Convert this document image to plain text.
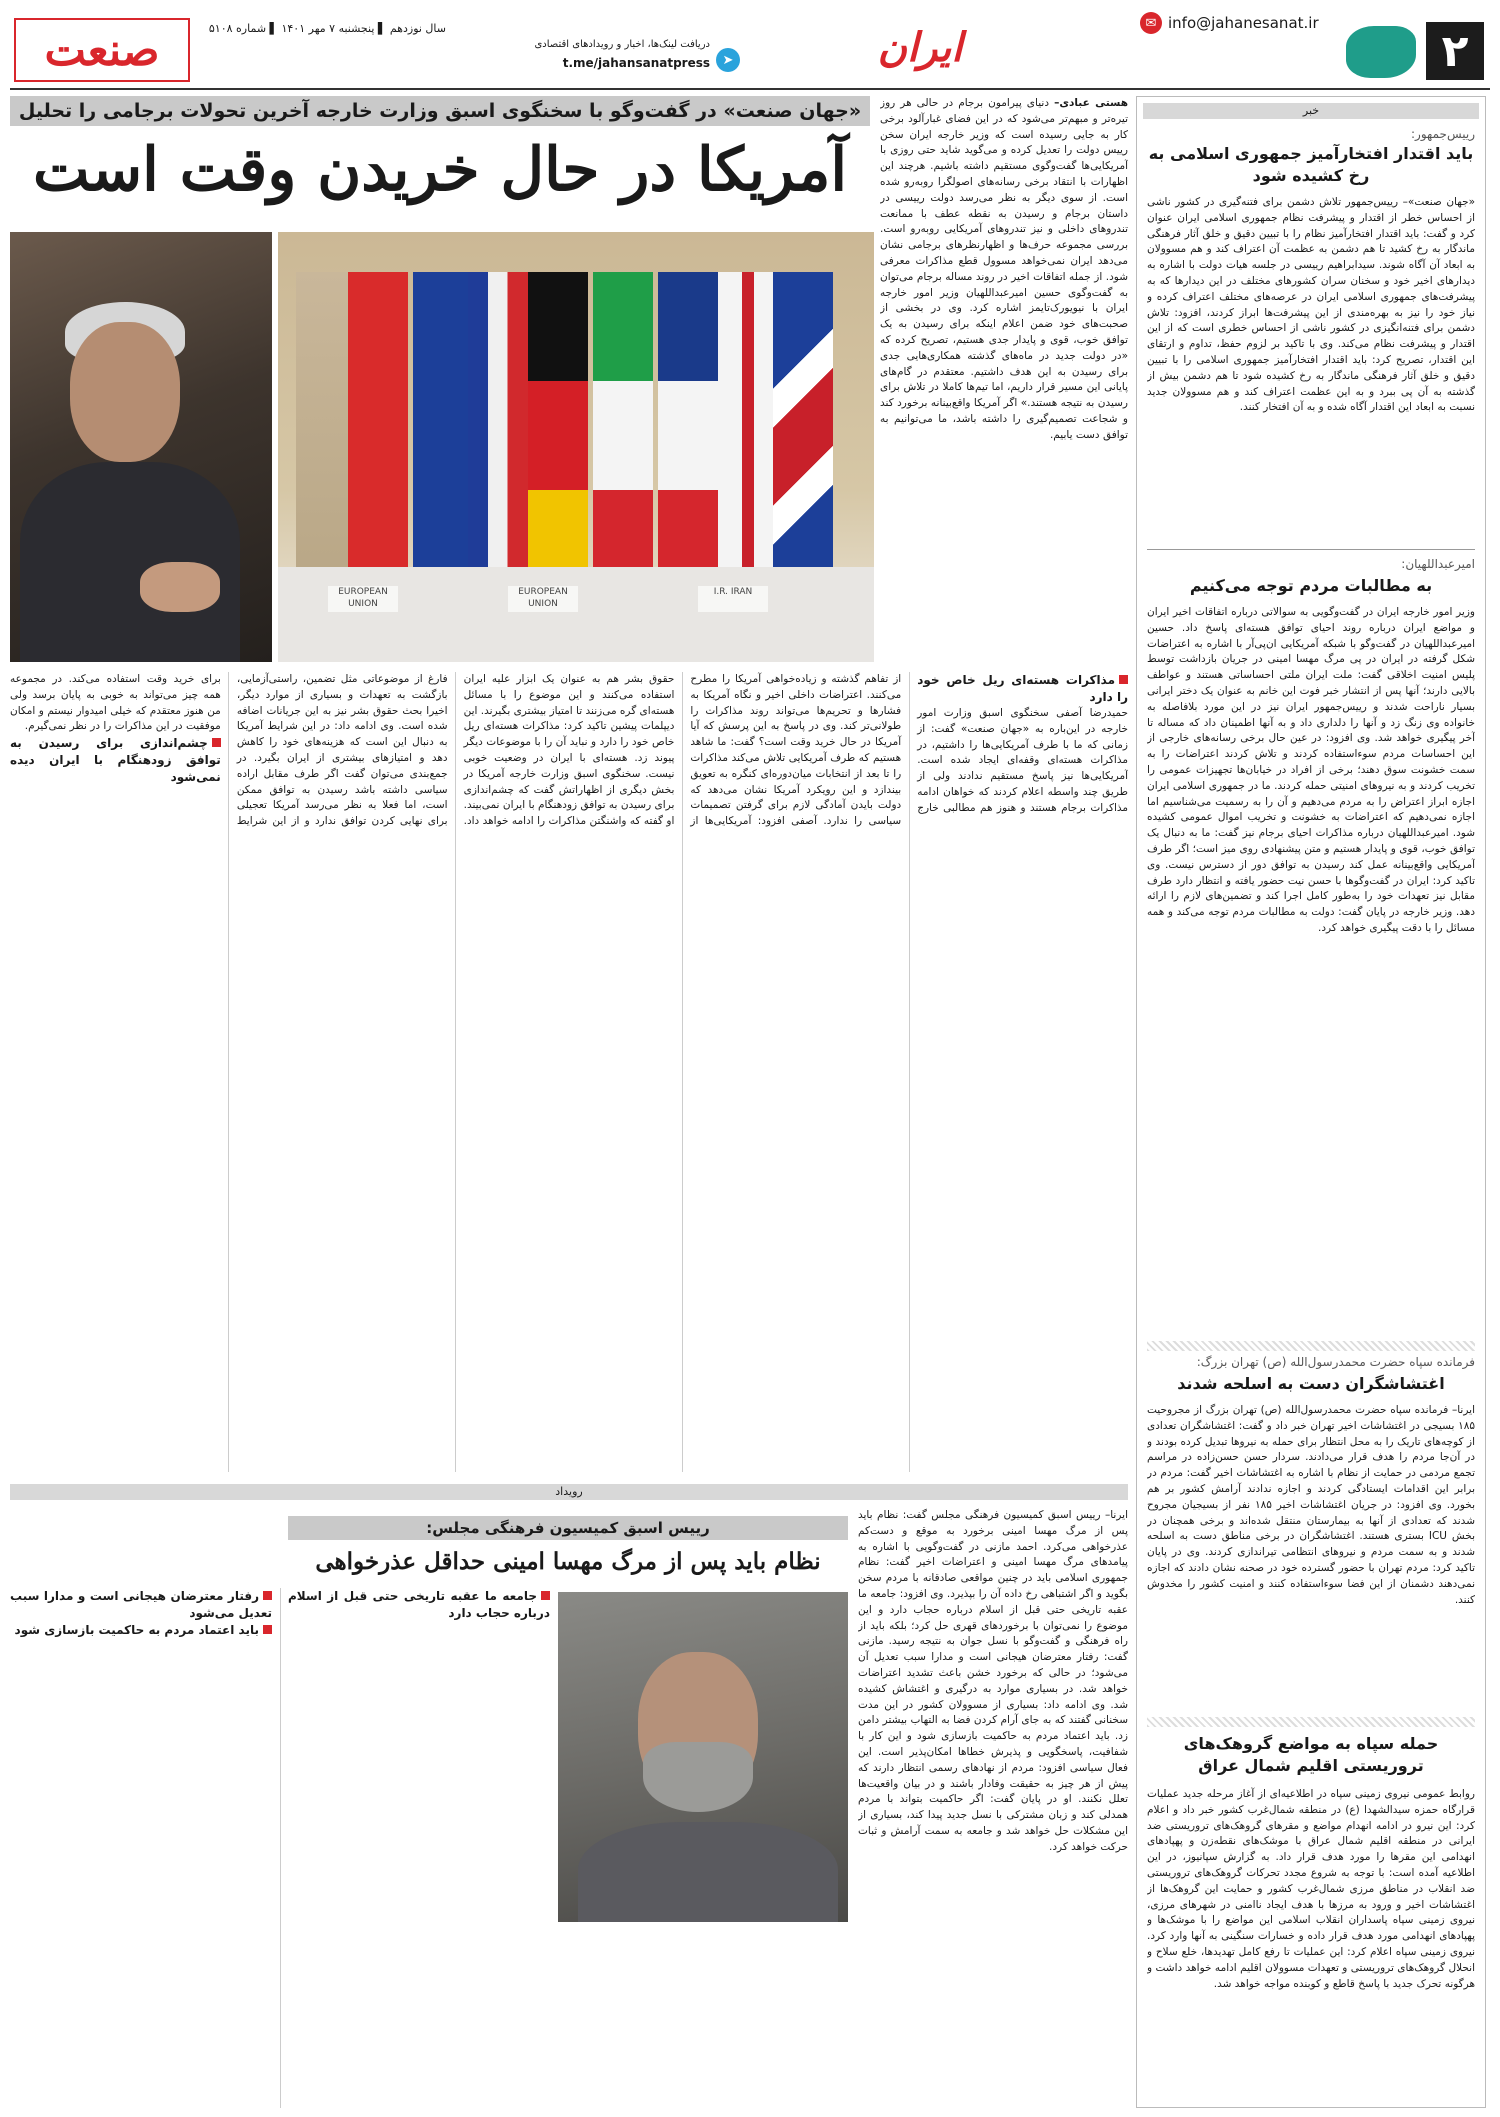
۲
✉ info@jahanesanat.ir
ایران
➤
دریافت لینک‌ها، اخبار و رویدادهای اقتصادی
t.me/jahansanatpress
سال نوزدهم ▌ پنجشنبه ۷ مهر ۱۴۰۱ ▌ شماره ۵۱۰۸
صنعت
خبر
رییس‌جمهور:
باید اقتدار افتخارآمیز جمهوری اسلامی به رخ کشیده شود
«جهان صنعت»– رییس‌جمهور تلاش دشمن برای فتنه‌گیری در کشور ناشی از احساس خطر از اقتدار و پیشرفت نظام جمهوری اسلامی ایران عنوان کرد و گفت: باید اقتدار افتخارآمیز نظام را با تبیین دقیق و خلق آثار فرهنگی ماندگار به رخ کشید تا هم دشمن به عظمت آن اعتراف کند و هم مسوولان به ابعاد آن آگاه شوند. سیدابراهیم رییسی در جلسه هیات دولت با اشاره به دیدارهای اخیر خود و سخنان سران کشورهای مختلف در این دیدارها که به پیشرفت‌های جمهوری اسلامی ایران در عرصه‌های مختلف اعتراف کرده و نیاز خود را نیز به بهره‌مندی از این پیشرفت‌ها ابراز کردند، افزود: تلاش دشمن برای فتنه‌انگیزی در کشور ناشی از احساس خطری است که از این اقتدار و پیشرفت نظام می‌کند. وی با تاکید بر لزوم حفظ، تداوم و ارتقای این اقتدار، تصریح کرد: باید اقتدار افتخارآمیز جمهوری اسلامی را با تبیین دقیق و خلق آثار فرهنگی ماندگار به رخ کشیده شود تا هم دشمن بیش از گذشته به آن پی ببرد و به این عظمت اعتراف کند و هم مسوولان جدید نسبت به ابعاد این اقتدار آگاه شده و به آن افتخار کنند.
امیرعبداللهیان:
به مطالبات مردم توجه می‌کنیم
وزیر امور خارجه ایران در گفت‌وگویی به سوالاتی درباره اتفاقات اخیر ایران و مواضع ایران درباره روند احیای توافق هسته‌ای پاسخ داد. حسین امیرعبداللهیان در گفت‌وگو با شبکه آمریکایی ان‌پی‌آر با اشاره به اعتراضات شکل گرفته در ایران در پی مرگ مهسا امینی در جریان بازداشت توسط پلیس امنیت اخلاقی گفت: ملت ایران ملتی احساساتی هستند و عواطف بالایی دارند؛ آنها پس از انتشار خبر فوت این خانم به عنوان یک دختر ایرانی بسیار ناراحت شدند و رییس‌جمهور ایران نیز در این مورد بلافاصله به خانواده وی زنگ زد و آنها را دلداری داد و به آنها اطمینان داد که مساله تا آخر پیگیری خواهد شد. وی افزود: در عین حال برخی رسانه‌های خارجی از این احساسات مردم سوءاستفاده کردند و تلاش کردند اعتراضات را به سمت خشونت سوق دهند؛ برخی از افراد در خیابان‌ها تجهیزات عمومی را تخریب کردند و به نیروهای امنیتی حمله کردند. ما در جمهوری اسلامی ایران اجازه ابراز اعتراض را به مردم می‌دهیم و آن را به رسمیت می‌شناسیم اما اجازه نمی‌دهیم که اعتراضات به خشونت و تخریب اموال عمومی کشیده شود. امیرعبداللهیان درباره مذاکرات احیای برجام نیز گفت: ما به دنبال یک توافق خوب، قوی و پایدار هستیم و متن پیشنهادی روی میز است؛ اگر طرف آمریکایی واقع‌بینانه عمل کند رسیدن به توافق دور از دسترس نیست. وی تاکید کرد: ایران در گفت‌وگوها با حسن نیت حضور یافته و انتظار دارد طرف مقابل نیز تعهدات خود را به‌طور کامل اجرا کند و تضمین‌های لازم را ارائه دهد. وزیر خارجه در پایان گفت: دولت به مطالبات مردم توجه می‌کند و همه مسائل را با دقت پیگیری خواهد کرد.
فرمانده سپاه حضرت محمدرسول‌الله (ص) تهران بزرگ:
اغتشاشگران دست به اسلحه شدند
ایرنا– فرمانده سپاه حضرت محمدرسول‌الله (ص) تهران بزرگ از مجروحیت ۱۸۵ بسیجی در اغتشاشات اخیر تهران خبر داد و گفت: اغتشاشگران تعدادی از کوچه‌های تاریک را به محل انتظار برای حمله به نیروها تبدیل کرده بودند و در آن‌جا مردم را هدف قرار می‌دادند. سردار حسن حسن‌زاده در مراسم تجمع مردمی در حمایت از نظام با اشاره به اغتشاشات اخیر گفت: مردم در برابر این اقدامات ایستادگی کردند و اجازه ندادند آرامش کشور بر هم بخورد. وی افزود: در جریان اغتشاشات اخیر ۱۸۵ نفر از بسیجیان مجروح شدند که تعدادی از آنها به بیمارستان منتقل شده‌اند و برخی همچنان در بخش ICU بستری هستند. اغتشاشگران در برخی مناطق دست به اسلحه شدند و به سمت مردم و نیروهای انتظامی تیراندازی کردند. وی در پایان تاکید کرد: مردم تهران با حضور گسترده خود در صحنه نشان دادند که اجازه نمی‌دهند دشمنان از این فضا سوءاستفاده کنند و امنیت کشور را مخدوش کنند.
حمله سپاه به مواضع گروهک‌های تروریستی اقلیم شمال عراق
روابط عمومی نیروی زمینی سپاه در اطلاعیه‌ای از آغاز مرحله جدید عملیات قرارگاه حمزه سیدالشهدا (ع) در منطقه شمال‌غرب کشور خبر داد و اعلام کرد: این نیرو در ادامه انهدام مواضع و مقرهای گروهک‌های تروریستی ضد ایرانی در منطقه اقلیم شمال عراق با موشک‌های نقطه‌زن و پهپادهای انهدامی این مقرها را مورد هدف قرار داد. به گزارش سپانیوز، در این اطلاعیه آمده است: با توجه به شروع مجدد تحرکات گروهک‌های تروریستی ضد انقلاب در مناطق مرزی شمال‌غرب کشور و حمایت این گروهک‌ها از اغتشاشات اخیر و ورود به مرزها با هدف ایجاد ناامنی در شهرهای مرزی، نیروی زمینی سپاه پاسداران انقلاب اسلامی این مواضع را با موشک‌ها و پهپادهای انهدامی مورد هدف قرار داده و خسارات سنگینی به آنها وارد کرد. نیروی زمینی سپاه اعلام کرد: این عملیات تا رفع کامل تهدیدها، خلع سلاح و انحلال گروهک‌های تروریستی و تعهدات مسوولان اقلیم ادامه خواهد داشت و هرگونه تحرک جدید با پاسخ قاطع و کوبنده مواجه خواهد شد.
«جهان صنعت» در گفت‌وگو با سخنگوی اسبق وزارت خارجه آخرین تحولات برجامی را تحلیل
آمریکا در حال خریدن وقت است
هستی عبادی– دنیای پیرامون برجام در حالی هر روز تیره‌تر و مبهم‌تر می‌شود که در این فضای غبارآلود برخی کار به جایی رسیده است که وزیر خارجه ایران سخن رییس دولت را تعدیل کرده و می‌گوید شاید حتی روزی با آمریکایی‌ها گفت‌وگوی مستقیم داشته باشیم. هرچند این اظهارات با انتقاد برخی رسانه‌های اصولگرا روبه‌رو شده است. از سوی دیگر به نظر می‌رسد دولت رییسی در داستان برجام و رسیدن به نقطه عطف با ممانعت تندروهای داخلی و نیز تندروهای آمریکایی روبه‌رو است. بررسی مجموعه حرف‌ها و اظهارنظرهای برجامی نشان می‌دهد ایران نمی‌خواهد مسوول قطع مذاکرات معرفی شود. از جمله اتفاقات اخیر در روند مساله برجام می‌توان به گفت‌وگوی حسین امیرعبداللهیان وزیر امور خارجه ایران با نیویورک‌تایمز اشاره کرد. وی در بخشی از صحبت‌های خود ضمن اعلام اینکه برای رسیدن به یک توافق خوب، قوی و پایدار جدی هستیم، تصریح کرده که «در دولت جدید در ماه‌های گذشته همکاری‌هایی جدی برای رسیدن به این هدف داشتیم. معتقدم در گام‌های پایانی این مسیر قرار داریم، اما تیم‌ها کاملا در تلاش برای رسیدن به نتیجه هستند.» اگر آمریکا واقع‌بینانه برخورد کند و شجاعت تصمیم‌گیری را داشته باشد، ما می‌توانیم به توافق دست یابیم.
EUROPEAN UNION
EUROPEAN UNION
I.R. IRAN
مذاکرات هسته‌ای ریل خاص خود را دارد
حمیدرضا آصفی سخنگوی اسبق وزارت امور خارجه در این‌باره به «جهان صنعت» گفت: از زمانی که ما با طرف آمریکایی‌ها را داشتیم، در مذاکرات هسته‌ای وقفه‌ای ایجاد شده است. آمریکایی‌ها نیز پاسخ مستقیم ندادند ولی از طریق چند واسطه اعلام کردند که خواهان ادامه مذاکرات برجام هستند و هنوز هم مطالبی خارج از تفاهم گذشته و زیاده‌خواهی آمریکا را مطرح می‌کنند. اعتراضات داخلی اخیر و نگاه آمریکا به فشارها و تحریم‌ها می‌تواند روند مذاکرات را طولانی‌تر کند. وی در پاسخ به این پرسش که آیا آمریکا در حال خرید وقت است؟ گفت: ما شاهد هستیم که طرف آمریکایی تلاش می‌کند مذاکرات را تا بعد از انتخابات میان‌دوره‌ای کنگره به تعویق بیندازد و این رویکرد آمریکا نشان می‌دهد که دولت بایدن آمادگی لازم برای گرفتن تصمیمات سیاسی را ندارد. آصفی افزود: آمریکایی‌ها از حقوق بشر هم به عنوان یک ابزار علیه ایران استفاده می‌کنند و این موضوع را با مسائل هسته‌ای گره می‌زنند تا امتیاز بیشتری بگیرند. این دیپلمات پیشین تاکید کرد: مذاکرات هسته‌ای ریل خاص خود را دارد و نباید آن را با موضوعات دیگر پیوند زد. هسته‌ای با ایران در وضعیت خوبی نیست. سخنگوی اسبق وزارت خارجه آمریکا در بخش دیگری از اظهاراتش گفت که چشم‌اندازی برای رسیدن به توافق زودهنگام با ایران نمی‌بیند. او گفته که واشنگتن مذاکرات را ادامه خواهد داد. فارغ از موضوعاتی مثل تضمین، راستی‌آزمایی، بازگشت به تعهدات و بسیاری از موارد دیگر، اخیرا بحث حقوق بشر نیز به این جریانات اضافه شده است. وی ادامه داد: در این شرایط آمریکا به دنبال این است که هزینه‌های خود را کاهش دهد و امتیازهای بیشتری از ایران بگیرد. در جمع‌بندی می‌توان گفت اگر طرف مقابل اراده سیاسی داشته باشد رسیدن به توافق ممکن است، اما فعلا به نظر می‌رسد آمریکا تعجیلی برای نهایی کردن توافق ندارد و از این شرایط برای خرید وقت استفاده می‌کند. در مجموعه همه چیز می‌تواند به خوبی به پایان برسد ولی من هنوز معتقدم که خیلی امیدوار نیستم و امکان موفقیت در این مذاکرات را در نظر نمی‌گیرم.
چشم‌اندازی برای رسیدن به توافق زودهنگام با ایران دیده نمی‌شود
رویداد
رییس اسبق کمیسیون فرهنگی مجلس:
نظام باید پس از مرگ مهسا امینی حداقل عذرخواهی
جامعه ما عقبه تاریخی حتی قبل از اسلام درباره حجاب دارد
رفتار معترضان هیجانی است و مدارا سبب تعدیل می‌شود
باید اعتماد مردم به حاکمیت بازسازی شود
ایرنا– رییس اسبق کمیسیون فرهنگی مجلس گفت: نظام باید پس از مرگ مهسا امینی برخورد به موقع و دست‌کم عذرخواهی می‌کرد. احمد مازنی در گفت‌وگویی با اشاره به پیامدهای مرگ مهسا امینی و اعتراضات اخیر گفت: نظام جمهوری اسلامی باید در چنین مواقعی صادقانه با مردم سخن بگوید و اگر اشتباهی رخ داده آن را بپذیرد. وی افزود: جامعه ما عقبه تاریخی حتی قبل از اسلام درباره حجاب دارد و این موضوع را نمی‌توان با برخوردهای قهری حل کرد؛ بلکه باید از راه فرهنگی و گفت‌وگو با نسل جوان به نتیجه رسید. مازنی گفت: رفتار معترضان هیجانی است و مدارا سبب تعدیل آن می‌شود؛ در حالی که برخورد خشن باعث تشدید اعتراضات خواهد شد. در بسیاری موارد به درگیری و اغتشاش کشیده شد. وی ادامه داد: بسیاری از مسوولان کشور در این مدت سخنانی گفتند که به جای آرام کردن فضا به التهاب بیشتر دامن زد. باید اعتماد مردم به حاکمیت بازسازی شود و این کار با شفافیت، پاسخگویی و پذیرش خطاها امکان‌پذیر است. این فعال سیاسی افزود: مردم از نهادهای رسمی انتظار دارند که پیش از هر چیز به حقیقت وفادار باشند و در بیان واقعیت‌ها تعلل نکنند. او در پایان گفت: اگر حاکمیت بتواند با مردم همدلی کند و زبان مشترکی با نسل جدید پیدا کند، بسیاری از این مشکلات حل خواهد شد و جامعه به سمت آرامش و ثبات حرکت خواهد کرد.
